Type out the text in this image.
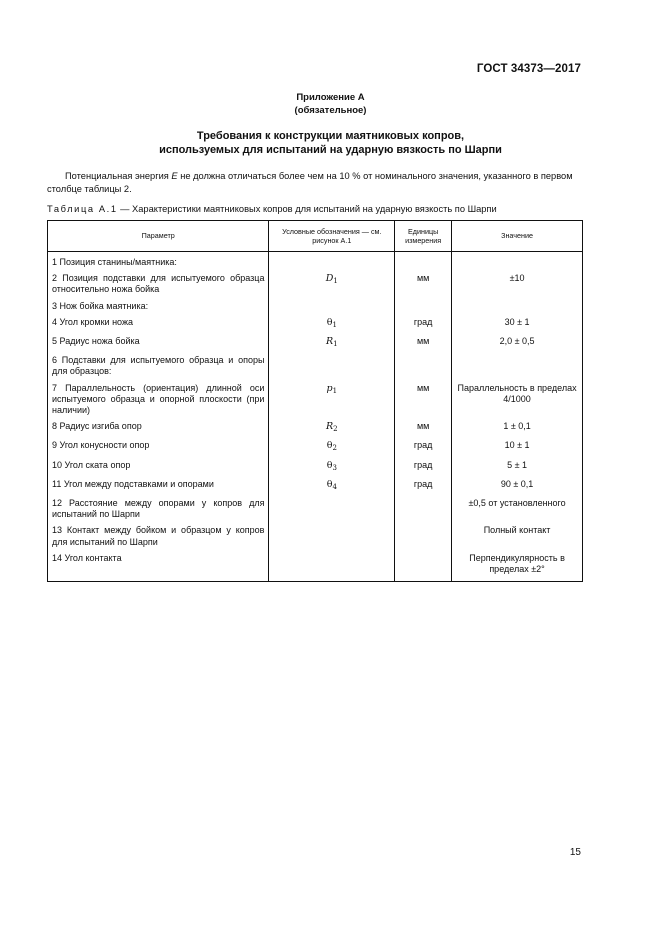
ГОСТ 34373—2017
Приложение А
(обязательное)
Требования к конструкции маятниковых копров,
используемых для испытаний на ударную вязкость по Шарпи
Потенциальная энергия E не должна отличаться более чем на 10 % от номинального значения, указанного в первом столбце таблицы 2.
Таблица А.1 — Характеристики маятниковых копров для испытаний на ударную вязкость по Шарпи
Параметр	Условные обозначения — см. рисунок А.1	Единицы измерения	Значение
1 Позиция станины/маятника:			
2 Позиция подставки для испытуемого образца относительно ножа бойка	$D_1$	мм	±10
3 Нож бойка маятника:			
4 Угол кромки ножа	$\theta_1$	град	30 ± 1
5 Радиус ножа бойка	$R_1$	мм	2,0 ± 0,5
6 Подставки для испытуемого образца и опоры для образцов:			
7 Параллельность (ориентация) длинной оси испытуемого образца и опорной плоскости (при наличии)	$p_1$	мм	Параллельность в пределах 4/1000
8 Радиус изгиба опор	$R_2$	мм	1 ± 0,1
9 Угол конусности опор	$\theta_2$	град	10 ± 1
10 Угол ската опор	$\theta_3$	град	5 ± 1
11 Угол между подставками и опорами	$\theta_4$	град	90 ± 0,1
12 Расстояние между опорами у копров для испытаний по Шарпи			±0,5 от установленного
13 Контакт между бойком и образцом у копров для испытаний по Шарпи			Полный контакт
14 Угол контакта			Перпендикулярность в пределах ±2°
15
